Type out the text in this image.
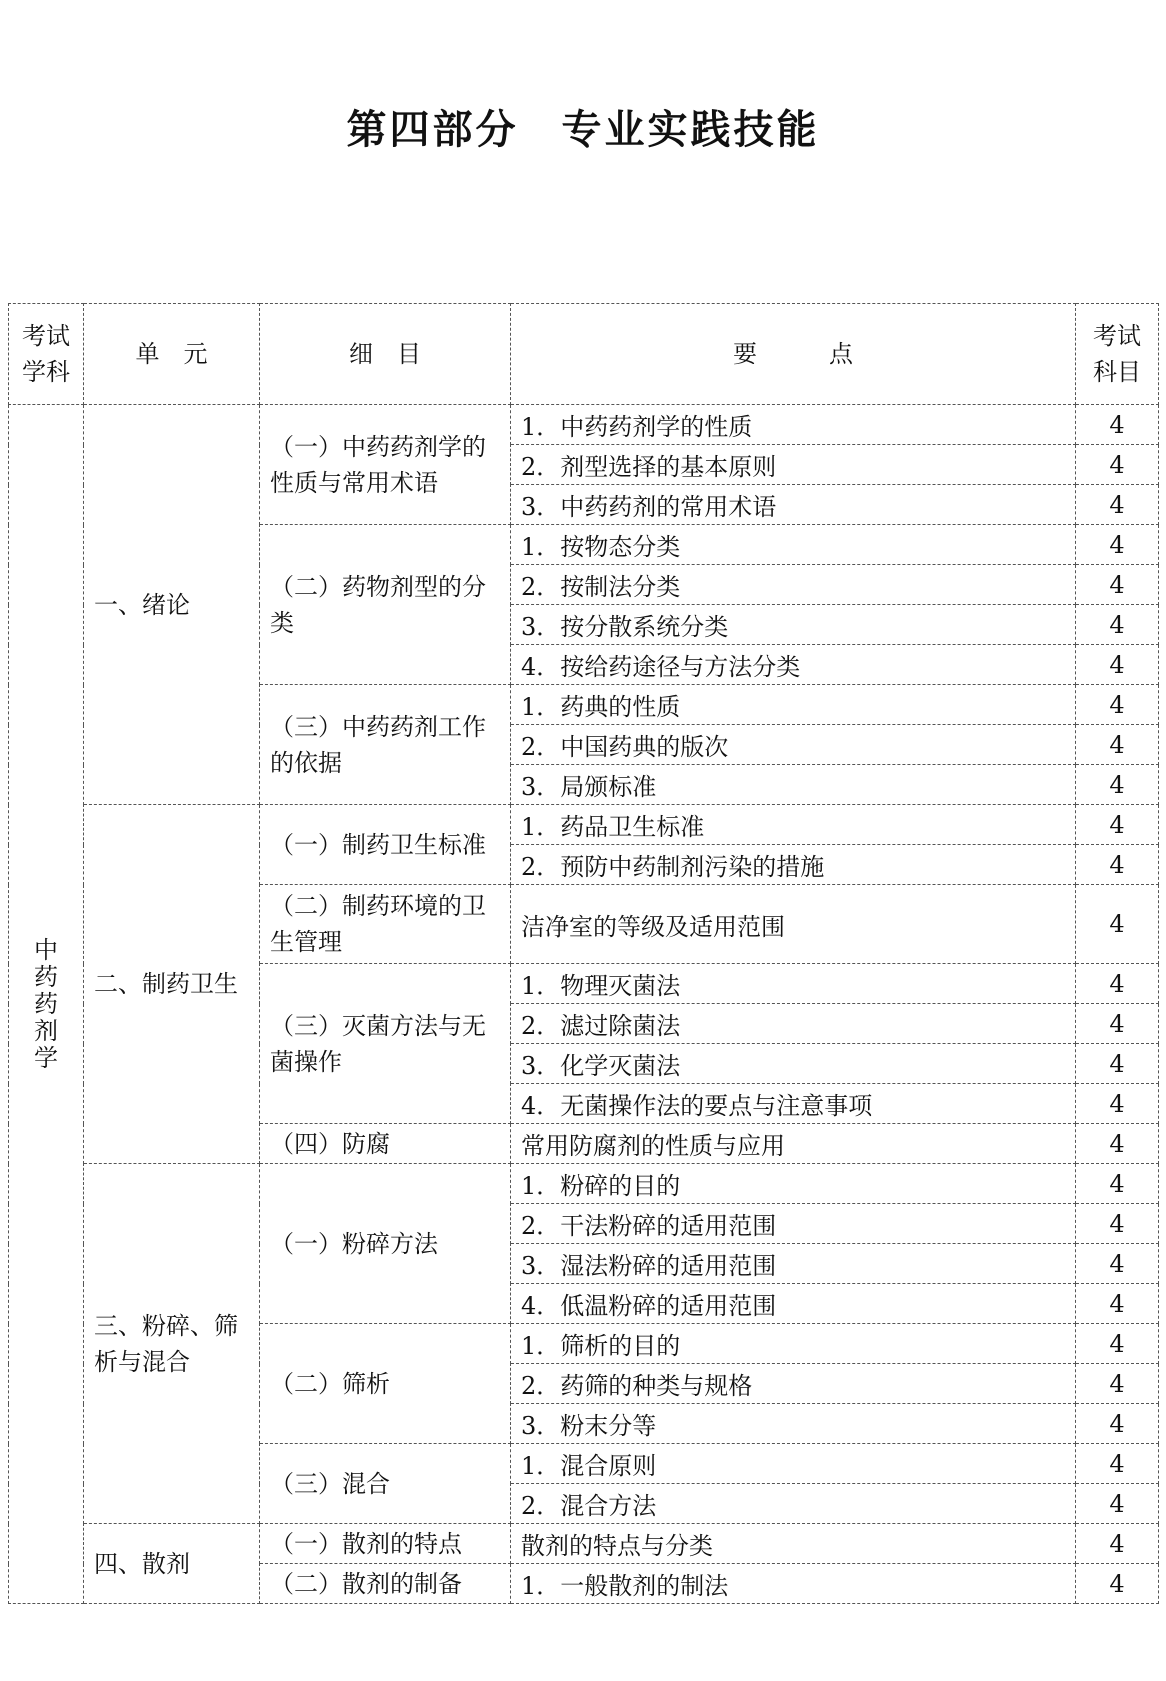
第四部分　专业实践技能
考试学科	单　元	细　目	要　　　点	考试科目
中药药剂学	一、绪论	（一）中药药剂学的性质与常用术语	1．中药药剂学的性质	4
			2．剂型选择的基本原则	4
			3．中药药剂的常用术语	4
		（二）药物剂型的分类	1．按物态分类	4
			2．按制法分类	4
			3．按分散系统分类	4
			4．按给药途径与方法分类	4
		（三）中药药剂工作的依据	1．药典的性质	4
			2．中国药典的版次	4
			3．局颁标准	4
	二、制药卫生	（一）制药卫生标准	1．药品卫生标准	4
			2．预防中药制剂污染的措施	4
		（二）制药环境的卫生管理	洁净室的等级及适用范围	4
		（三）灭菌方法与无菌操作	1．物理灭菌法	4
			2．滤过除菌法	4
			3．化学灭菌法	4
			4．无菌操作法的要点与注意事项	4
		（四）防腐	常用防腐剂的性质与应用	4
	三、粉碎、筛析与混合	（一）粉碎方法	1．粉碎的目的	4
			2．干法粉碎的适用范围	4
			3．湿法粉碎的适用范围	4
			4．低温粉碎的适用范围	4
		（二）筛析	1．筛析的目的	4
			2．药筛的种类与规格	4
			3．粉末分等	4
		（三）混合	1．混合原则	4
			2．混合方法	4
	四、散剂	（一）散剂的特点	散剂的特点与分类	4
		（二）散剂的制备	1．一般散剂的制法	4
